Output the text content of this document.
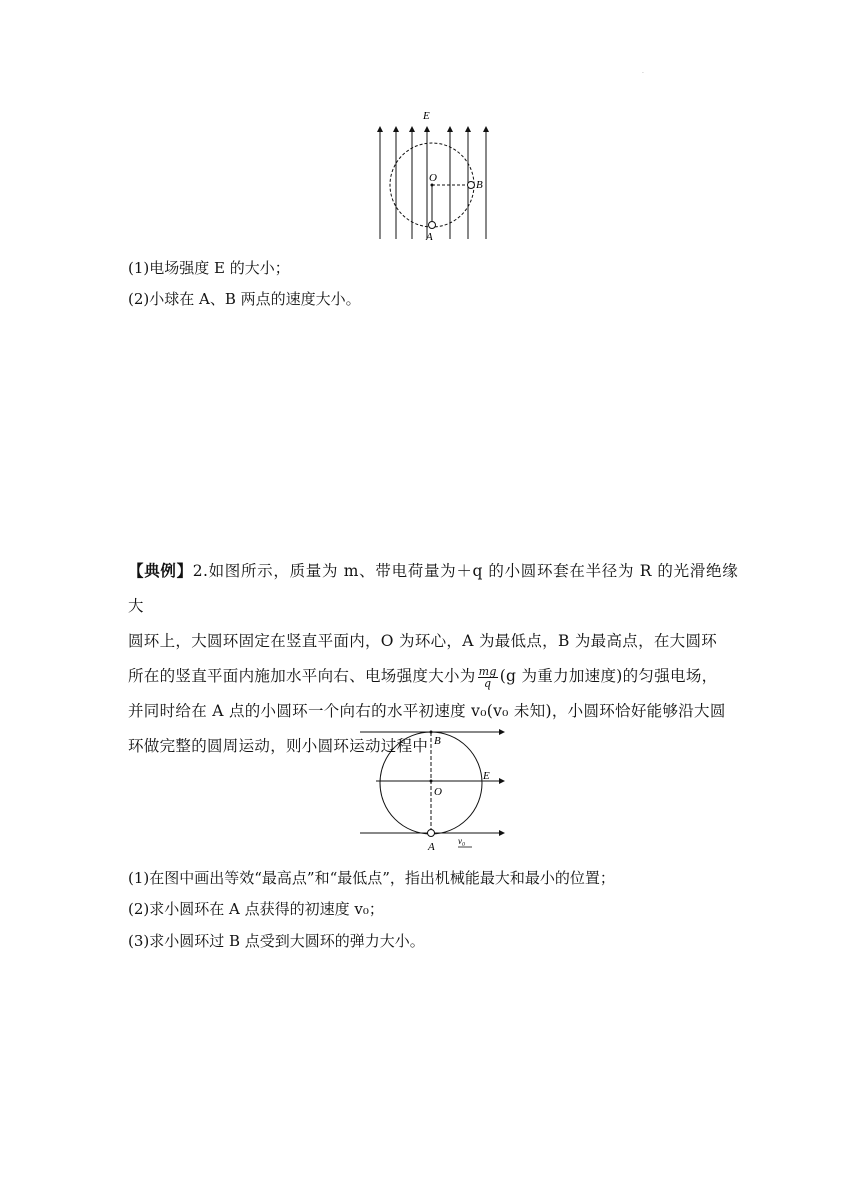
.
E
O
B
A
(1)电场强度 E 的大小；
(2)小球在 A、B 两点的速度大小。
【典例】2.如图所示，质量为 m、带电荷量为＋q 的小圆环套在半径为 R 的光滑绝缘大
圆环上，大圆环固定在竖直平面内，O 为环心，A 为最低点，B 为最高点，在大圆环
所在的竖直平面内施加水平向右、电场强度大小为 $\frac{mg}{q} (g$ 为重力加速度)的匀强电场，
并同时给在 A 点的小圆环一个向右的水平初速度 v₀(v₀ 未知)，小圆环恰好能够沿大圆
环做完整的圆周运动，则小圆环运动过程中 B
O
E
A	v₀
(1)在图中画出等效“最高点”和“最低点”，指出机械能最大和最小的位置；
(2)求小圆环在 A 点获得的初速度 v₀；
(3)求小圆环过 B 点受到大圆环的弹力大小。
